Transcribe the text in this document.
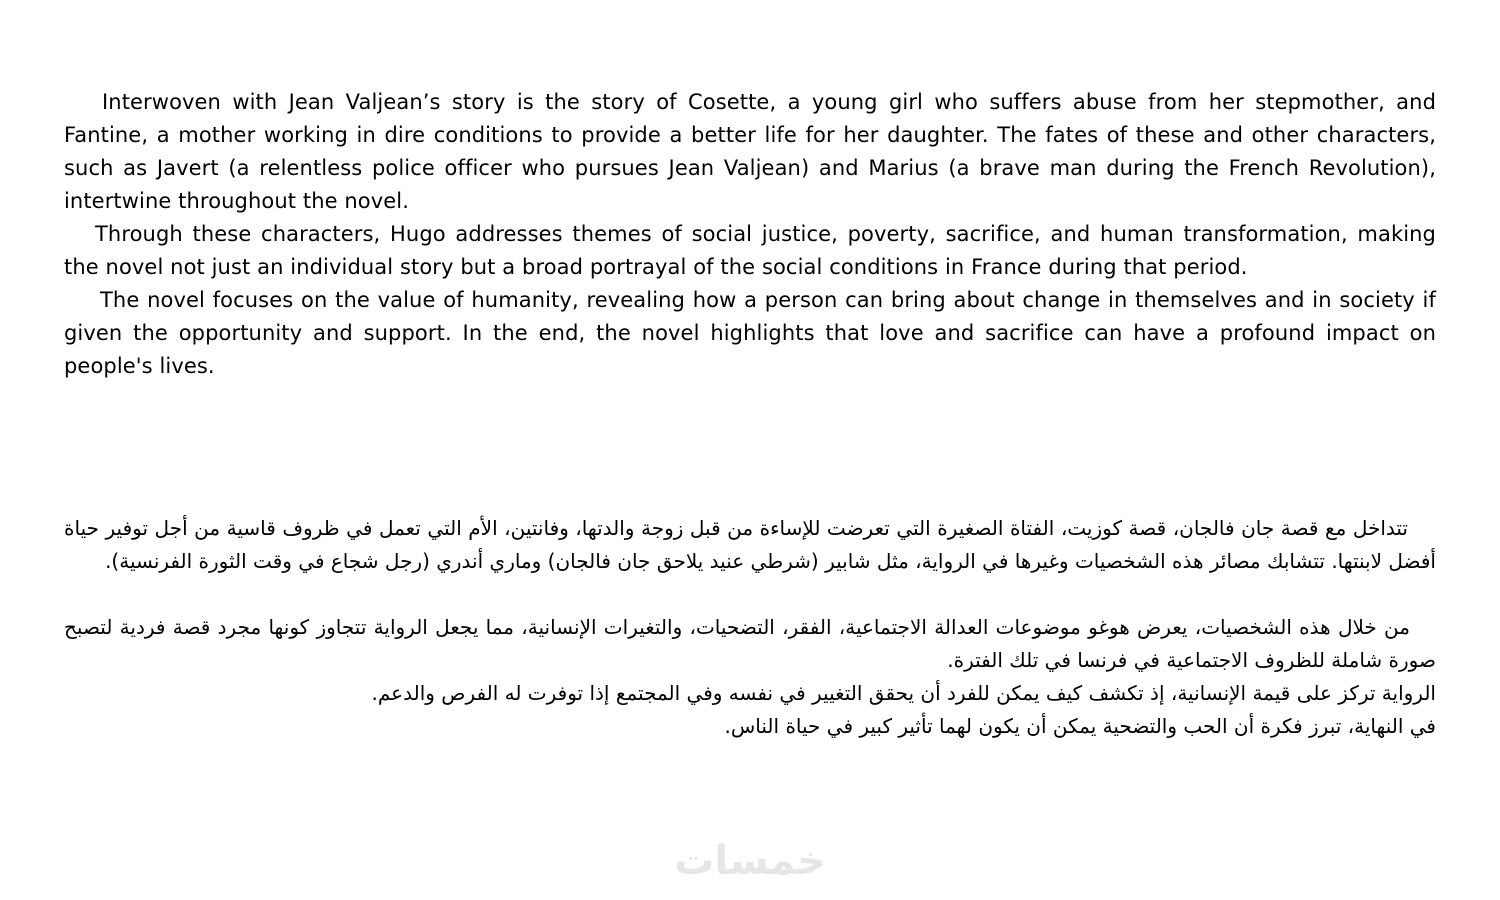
Interwoven with Jean Valjean’s story is the story of Cosette, a young girl who suffers abuse from her stepmother, and Fantine, a mother working in dire conditions to provide a better life for her daughter. The fates of these and other characters, such as Javert (a relentless police officer who pursues Jean Valjean) and Marius (a brave man during the French Revolution), intertwine throughout the novel.

Through these characters, Hugo addresses themes of social justice, poverty, sacrifice, and human transformation, making the novel not just an individual story but a broad portrayal of the social conditions in France during that period.

The novel focuses on the value of humanity, revealing how a person can bring about change in themselves and in society if given the opportunity and support. In the end, the novel highlights that love and sacrifice can have a profound impact on people's lives.

تتداخل مع قصة جان فالجان، قصة كوزيت، الفتاة الصغيرة التي تعرضت للإساءة من قبل زوجة والدتها، وفانتين، الأم التي تعمل في ظروف قاسية من أجل توفير حياة أفضل لابنتها. تتشابك مصائر هذه الشخصيات وغيرها في الرواية، مثل شابير (شرطي عنيد يلاحق جان فالجان) وماري أندري (رجل شجاع في وقت الثورة الفرنسية).

من خلال هذه الشخصيات، يعرض هوغو موضوعات العدالة الاجتماعية، الفقر، التضحيات، والتغيرات الإنسانية، مما يجعل الرواية تتجاوز كونها مجرد قصة فردية لتصبح صورة شاملة للظروف الاجتماعية في فرنسا في تلك الفترة.

الرواية تركز على قيمة الإنسانية، إذ تكشف كيف يمكن للفرد أن يحقق التغيير في نفسه وفي المجتمع إذا توفرت له الفرص والدعم.

في النهاية، تبرز فكرة أن الحب والتضحية يمكن أن يكون لهما تأثير كبير في حياة الناس.

خمسات
